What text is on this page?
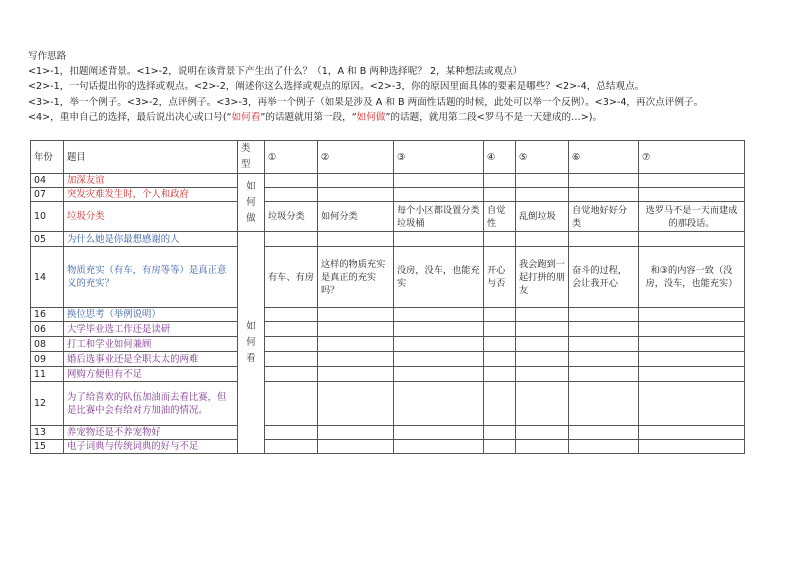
写作思路
<1>-1，扣题阐述背景。<1>-2，说明在该背景下产生出了什么？（1，A 和 B 两种选择呢？ 2，某种想法或观点）
<2>-1，一句话提出你的选择或观点。<2>-2，阐述你这么选择或观点的原因。<2>-3，你的原因里面具体的要素是哪些？<2>-4，总结观点。
<3>-1，举一个例子。<3>-2，点评例子。<3>-3，再举一个例子（如果是涉及 A 和 B 两面性话题的时候，此处可以举一个反例）。<3>-4，再次点评例子。
<4>，重申自己的选择，最后说出决心或口号(“如何看”的话题就用第一段，“如何做”的话题，就用第二段<罗马不是一天建成的…>)。
年份	题目	类型	①	②	③	④	⑤	⑥	⑦
04	加深友谊	如何做							
07	突发灾难发生时，个人和政府								
10	垃圾分类		垃圾分类	如何分类	每个小区都设置分类垃圾桶	自觉性	乱倒垃圾	自觉地好好分类	选罗马不是一天而建成的那段话。
05	为什么她是你最想感谢的人	如何看							
14	物质充实（有车，有房等等）是真正意义的充实？		有车、有房	这样的物质充实是真正的充实吗？	没房，没车，也能充实	开心与否	我会跑到一起打拼的朋友	奋斗的过程，会让我开心	和③的内容一致（没房，没车，也能充实）
16	换位思考（举例说明）								
06	大学毕业选工作还是读研								
08	打工和学业如何兼顾								
09	婚后选事业还是全职太太的两难								
11	网购方便但有不足								
12	为了给喜欢的队伍加油而去看比赛，但是比赛中会有给对方加油的情况。								
13	养宠物还是不养宠物好								
15	电子词典与传统词典的好与不足								
